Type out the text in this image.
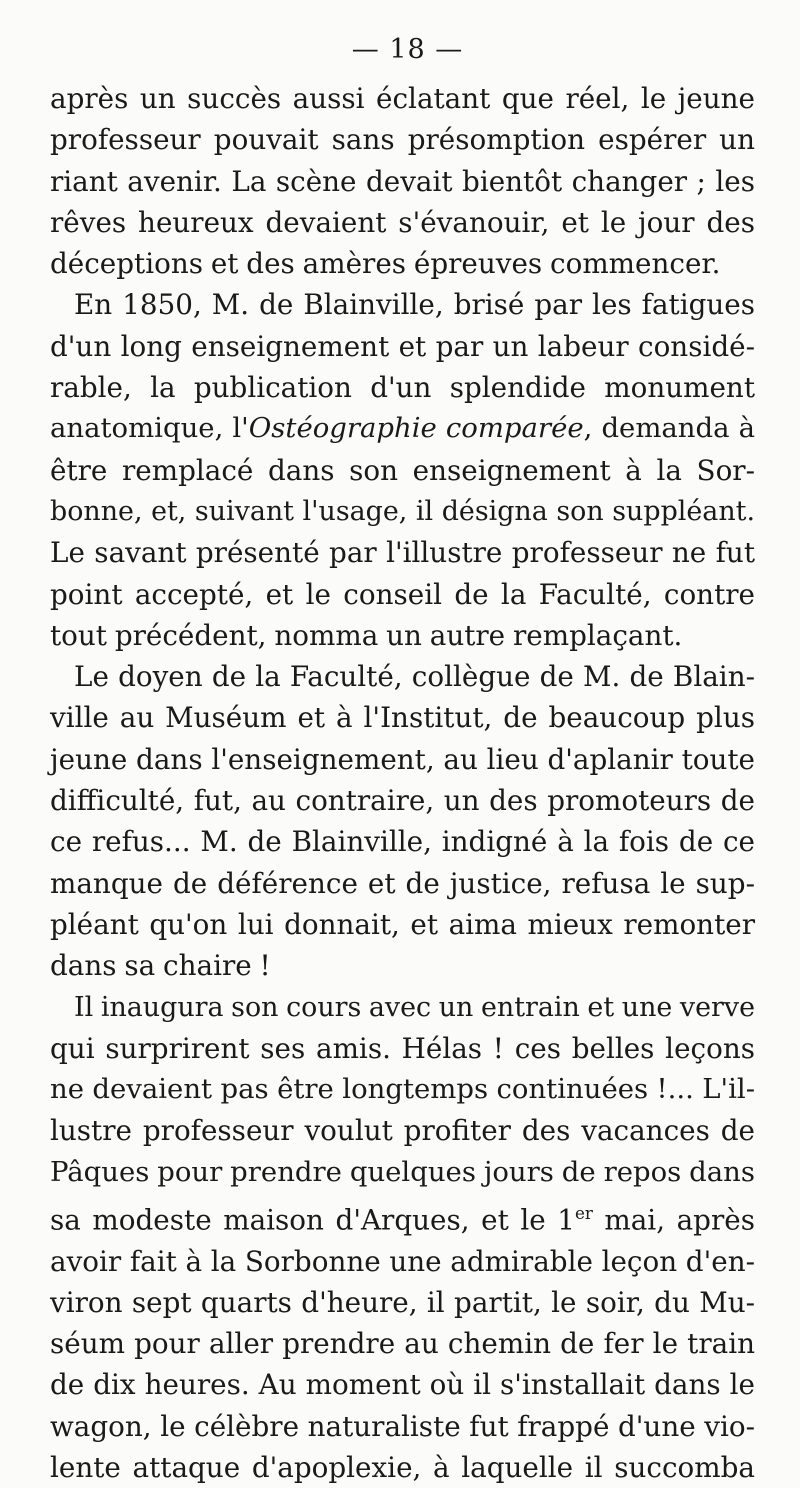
— 18 —
après un succès aussi éclatant que réel, le jeune
professeur pouvait sans présomption espérer un
riant avenir. La scène devait bientôt changer ; les
rêves heureux devaient s'évanouir, et le jour des
déceptions et des amères épreuves commencer.
En 1850, M. de Blainville, brisé par les fatigues
d'un long enseignement et par un labeur considé-
rable, la publication d'un splendide monument
anatomique, l'Ostéographie comparée, demanda à
être remplacé dans son enseignement à la Sor-
bonne, et, suivant l'usage, il désigna son suppléant.
Le savant présenté par l'illustre professeur ne fut
point accepté, et le conseil de la Faculté, contre
tout précédent, nomma un autre remplaçant.
Le doyen de la Faculté, collègue de M. de Blain-
ville au Muséum et à l'Institut, de beaucoup plus
jeune dans l'enseignement, au lieu d'aplanir toute
difficulté, fut, au contraire, un des promoteurs de
ce refus... M. de Blainville, indigné à la fois de ce
manque de déférence et de justice, refusa le sup-
pléant qu'on lui donnait, et aima mieux remonter
dans sa chaire !
Il inaugura son cours avec un entrain et une verve
qui surprirent ses amis. Hélas ! ces belles leçons
ne devaient pas être longtemps continuées !... L'il-
lustre professeur voulut profiter des vacances de
Pâques pour prendre quelques jours de repos dans
sa modeste maison d'Arques, et le 1er mai, après
avoir fait à la Sorbonne une admirable leçon d'en-
viron sept quarts d'heure, il partit, le soir, du Mu-
séum pour aller prendre au chemin de fer le train
de dix heures. Au moment où il s'installait dans le
wagon, le célèbre naturaliste fut frappé d'une vio-
lente attaque d'apoplexie, à laquelle il succomba
